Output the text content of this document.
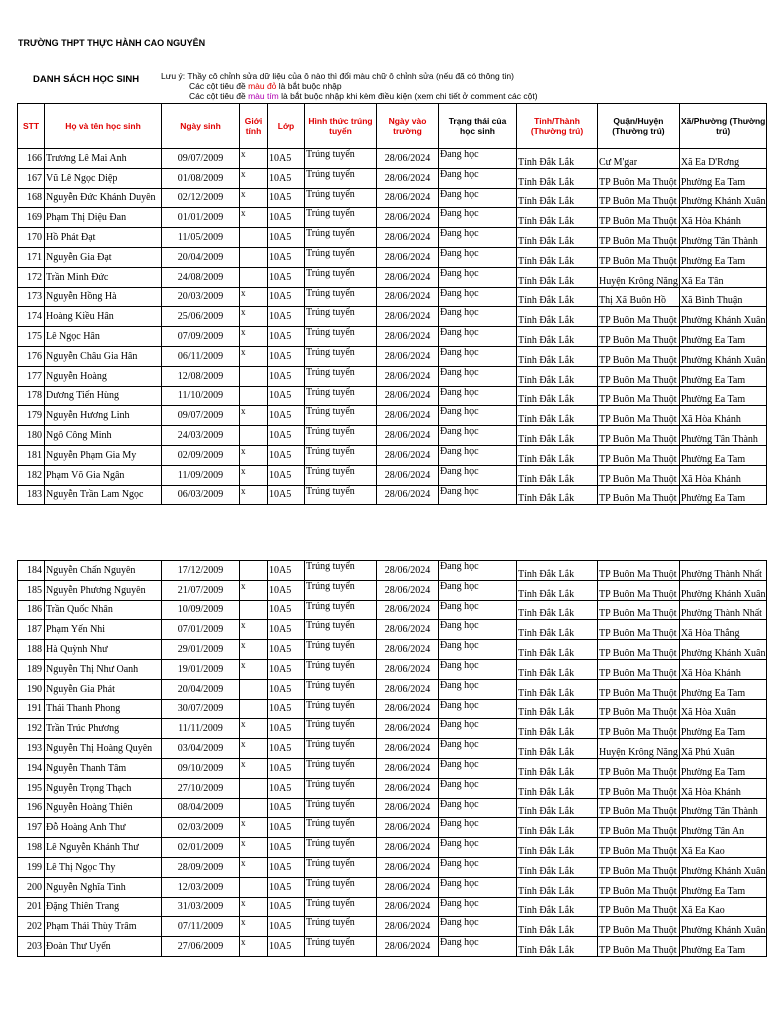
TRƯỜNG THPT THỰC HÀNH CAO NGUYÊN
DANH SÁCH HỌC SINH	Lưu ý: Thầy cô chỉnh sửa dữ liệu của ô nào thì đổi màu chữ ô chỉnh sửa (nếu đã có thông tin)
Các cột tiêu đề màu đỏ là bắt buộc nhập
Các cột tiêu đề màu tím là bắt buộc nhập khi kèm điều kiện (xem chi tiết ở comment các cột)
STT	Họ và tên học sinh	Ngày sinh	Giới tính	Lớp	Hình thức trúng tuyển	Ngày vào trường	Trạng thái của học sinh	Tỉnh/Thành (Thường trú)	Quận/Huyện (Thường trú)	Xã/Phường (Thường trú)
166	Trương Lê Mai Anh	09/07/2009	x	10A5	Trúng tuyển	28/06/2024	Đang học	Tỉnh Đắk Lắk	Cư M'gar	Xã Ea D'Rơng
167	Vũ Lê Ngọc Diệp	01/08/2009	x	10A5	Trúng tuyển	28/06/2024	Đang học	Tỉnh Đắk Lắk	TP Buôn Ma Thuột	Phường Ea Tam
168	Nguyễn Đức Khánh Duyên	02/12/2009	x	10A5	Trúng tuyển	28/06/2024	Đang học	Tỉnh Đắk Lắk	TP Buôn Ma Thuột	Phường Khánh Xuân
169	Phạm Thị Diệu Đan	01/01/2009	x	10A5	Trúng tuyển	28/06/2024	Đang học	Tỉnh Đắk Lắk	TP Buôn Ma Thuột	Xã Hòa Khánh
170	Hồ Phát Đạt	11/05/2009		10A5	Trúng tuyển	28/06/2024	Đang học	Tỉnh Đắk Lắk	TP Buôn Ma Thuột	Phường Tân Thành
171	Nguyễn Gia Đạt	20/04/2009		10A5	Trúng tuyển	28/06/2024	Đang học	Tỉnh Đắk Lắk	TP Buôn Ma Thuột	Phường Ea Tam
172	Trần Minh Đức	24/08/2009		10A5	Trúng tuyển	28/06/2024	Đang học	Tỉnh Đắk Lắk	Huyện Krông Năng	Xã Ea Tân
173	Nguyễn Hồng Hà	20/03/2009	x	10A5	Trúng tuyển	28/06/2024	Đang học	Tỉnh Đắk Lắk	Thị Xã Buôn Hồ	Xã Bình Thuận
174	Hoàng Kiều Hân	25/06/2009	x	10A5	Trúng tuyển	28/06/2024	Đang học	Tỉnh Đắk Lắk	TP Buôn Ma Thuột	Phường Khánh Xuân
175	Lê Ngọc Hân	07/09/2009	x	10A5	Trúng tuyển	28/06/2024	Đang học	Tỉnh Đắk Lắk	TP Buôn Ma Thuột	Phường Ea Tam
176	Nguyễn Châu Gia Hân	06/11/2009	x	10A5	Trúng tuyển	28/06/2024	Đang học	Tỉnh Đắk Lắk	TP Buôn Ma Thuột	Phường Khánh Xuân
177	Nguyễn Hoàng	12/08/2009		10A5	Trúng tuyển	28/06/2024	Đang học	Tỉnh Đắk Lắk	TP Buôn Ma Thuột	Phường Ea Tam
178	Dương Tiến Hùng	11/10/2009		10A5	Trúng tuyển	28/06/2024	Đang học	Tỉnh Đắk Lắk	TP Buôn Ma Thuột	Phường Ea Tam
179	Nguyễn Hương Linh	09/07/2009	x	10A5	Trúng tuyển	28/06/2024	Đang học	Tỉnh Đắk Lắk	TP Buôn Ma Thuột	Xã Hòa Khánh
180	Ngô Công Minh	24/03/2009		10A5	Trúng tuyển	28/06/2024	Đang học	Tỉnh Đắk Lắk	TP Buôn Ma Thuột	Phường Tân Thành
181	Nguyễn Phạm Gia My	02/09/2009	x	10A5	Trúng tuyển	28/06/2024	Đang học	Tỉnh Đắk Lắk	TP Buôn Ma Thuột	Phường Ea Tam
182	Phạm Võ Gia Ngân	11/09/2009	x	10A5	Trúng tuyển	28/06/2024	Đang học	Tỉnh Đắk Lắk	TP Buôn Ma Thuột	Xã Hòa Khánh
183	Nguyễn Trần Lam Ngọc	06/03/2009	x	10A5	Trúng tuyển	28/06/2024	Đang học	Tỉnh Đắk Lắk	TP Buôn Ma Thuột	Phường Ea Tam
184	Nguyễn Chấn Nguyên	17/12/2009		10A5	Trúng tuyển	28/06/2024	Đang học	Tỉnh Đắk Lắk	TP Buôn Ma Thuột	Phường Thành Nhất
185	Nguyễn Phương Nguyên	21/07/2009	x	10A5	Trúng tuyển	28/06/2024	Đang học	Tỉnh Đắk Lắk	TP Buôn Ma Thuột	Phường Khánh Xuân
186	Trần Quốc Nhân	10/09/2009		10A5	Trúng tuyển	28/06/2024	Đang học	Tỉnh Đắk Lắk	TP Buôn Ma Thuột	Phường Thành Nhất
187	Phạm Yến Nhi	07/01/2009	x	10A5	Trúng tuyển	28/06/2024	Đang học	Tỉnh Đắk Lắk	TP Buôn Ma Thuột	Xã Hòa Thắng
188	Hà Quỳnh Như	29/01/2009	x	10A5	Trúng tuyển	28/06/2024	Đang học	Tỉnh Đắk Lắk	TP Buôn Ma Thuột	Phường Khánh Xuân
189	Nguyễn Thị Như Oanh	19/01/2009	x	10A5	Trúng tuyển	28/06/2024	Đang học	Tỉnh Đắk Lắk	TP Buôn Ma Thuột	Xã Hòa Khánh
190	Nguyễn Gia Phát	20/04/2009		10A5	Trúng tuyển	28/06/2024	Đang học	Tỉnh Đắk Lắk	TP Buôn Ma Thuột	Phường Ea Tam
191	Thái Thanh Phong	30/07/2009		10A5	Trúng tuyển	28/06/2024	Đang học	Tỉnh Đắk Lắk	TP Buôn Ma Thuột	Xã Hòa Xuân
192	Trần Trúc Phương	11/11/2009	x	10A5	Trúng tuyển	28/06/2024	Đang học	Tỉnh Đắk Lắk	TP Buôn Ma Thuột	Phường Ea Tam
193	Nguyễn Thị Hoàng Quyên	03/04/2009	x	10A5	Trúng tuyển	28/06/2024	Đang học	Tỉnh Đắk Lắk	Huyện Krông Năng	Xã Phú Xuân
194	Nguyễn Thanh Tâm	09/10/2009	x	10A5	Trúng tuyển	28/06/2024	Đang học	Tỉnh Đắk Lắk	TP Buôn Ma Thuột	Phường Ea Tam
195	Nguyễn Trọng Thạch	27/10/2009		10A5	Trúng tuyển	28/06/2024	Đang học	Tỉnh Đắk Lắk	TP Buôn Ma Thuột	Xã Hòa Khánh
196	Nguyễn Hoàng Thiên	08/04/2009		10A5	Trúng tuyển	28/06/2024	Đang học	Tỉnh Đắk Lắk	TP Buôn Ma Thuột	Phường Tân Thành
197	Đỗ Hoàng Anh Thư	02/03/2009	x	10A5	Trúng tuyển	28/06/2024	Đang học	Tỉnh Đắk Lắk	TP Buôn Ma Thuột	Phường Tân An
198	Lê Nguyễn Khánh Thư	02/01/2009	x	10A5	Trúng tuyển	28/06/2024	Đang học	Tỉnh Đắk Lắk	TP Buôn Ma Thuột	Xã Ea Kao
199	Lê Thị Ngọc Thy	28/09/2009	x	10A5	Trúng tuyển	28/06/2024	Đang học	Tỉnh Đắk Lắk	TP Buôn Ma Thuột	Phường Khánh Xuân
200	Nguyễn Nghĩa Tình	12/03/2009		10A5	Trúng tuyển	28/06/2024	Đang học	Tỉnh Đắk Lắk	TP Buôn Ma Thuột	Phường Ea Tam
201	Đặng Thiên Trang	31/03/2009	x	10A5	Trúng tuyển	28/06/2024	Đang học	Tỉnh Đắk Lắk	TP Buôn Ma Thuột	Xã Ea Kao
202	Phạm Thái Thùy Trâm	07/11/2009	x	10A5	Trúng tuyển	28/06/2024	Đang học	Tỉnh Đắk Lắk	TP Buôn Ma Thuột	Phường Khánh Xuân
203	Đoàn Thư Uyển	27/06/2009	x	10A5	Trúng tuyển	28/06/2024	Đang học	Tỉnh Đắk Lắk	TP Buôn Ma Thuột	Phường Ea Tam
